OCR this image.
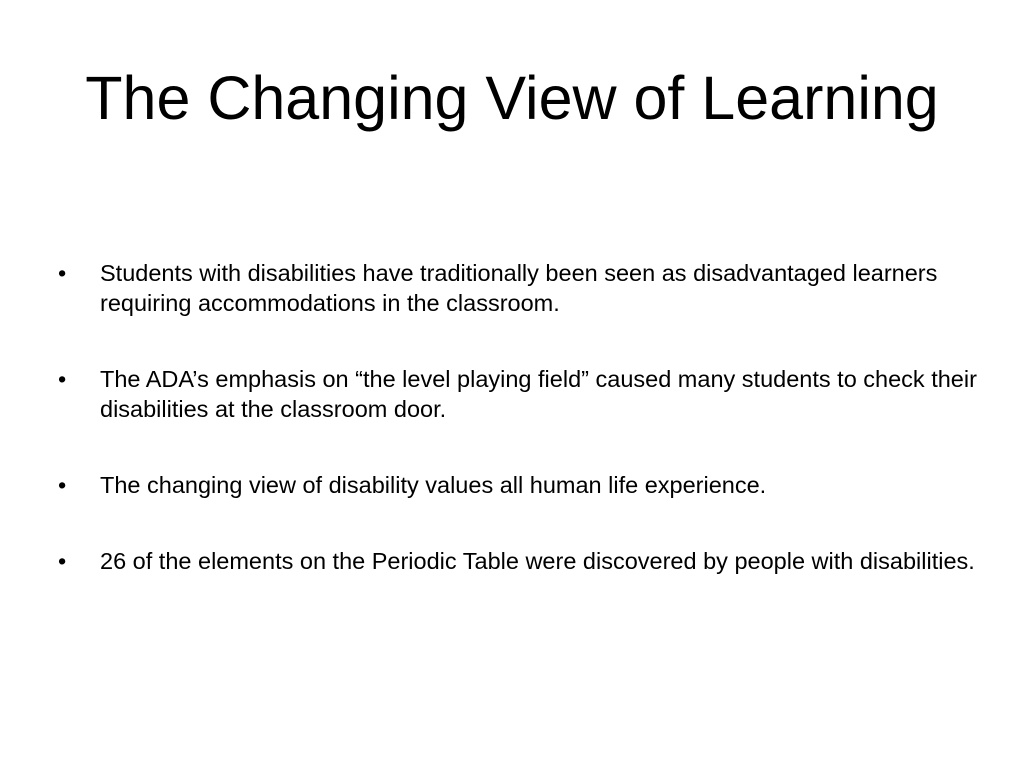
The Changing View of Learning
•	Students with disabilities have traditionally been seen as disadvantaged learners requiring accommodations in the classroom.
•	The ADA’s emphasis on “the level playing field” caused many students to check their disabilities at the classroom door.
•	The changing view of disability values all human life experience.
•	26 of the elements on the Periodic Table were discovered by people with disabilities.
